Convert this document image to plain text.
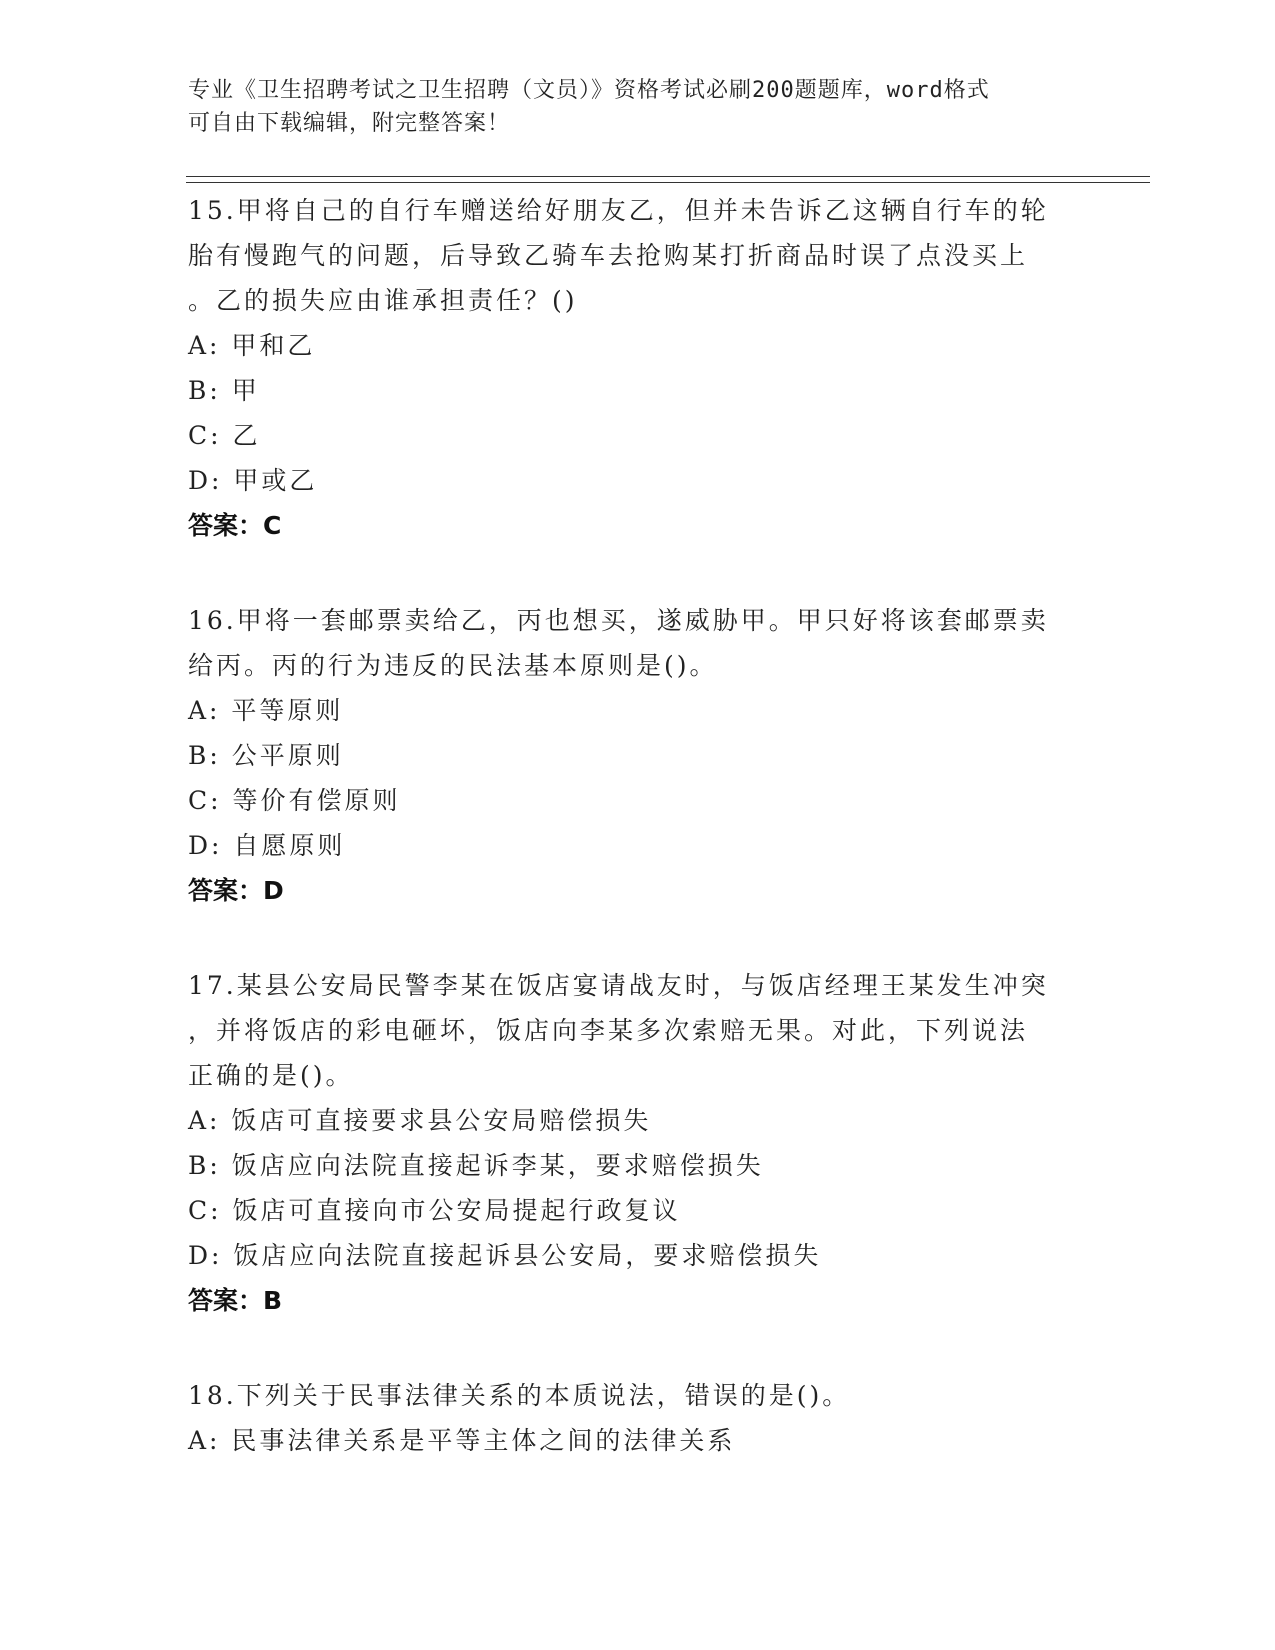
专业《卫生招聘考试之卫生招聘（文员）》资格考试必刷200题题库，word格式
可自由下载编辑，附完整答案！

15.甲将自己的自行车赠送给好朋友乙，但并未告诉乙这辆自行车的轮

胎有慢跑气的问题，后导致乙骑车去抢购某打折商品时误了点没买上

。乙的损失应由谁承担责任？()

A: 甲和乙

B: 甲

C: 乙

D: 甲或乙

答案：C

16.甲将一套邮票卖给乙，丙也想买，遂威胁甲。甲只好将该套邮票卖

给丙。丙的行为违反的民法基本原则是()。

A: 平等原则

B: 公平原则

C: 等价有偿原则

D: 自愿原则

答案：D

17.某县公安局民警李某在饭店宴请战友时，与饭店经理王某发生冲突

，并将饭店的彩电砸坏，饭店向李某多次索赔无果。对此，下列说法

正确的是()。

A: 饭店可直接要求县公安局赔偿损失

B: 饭店应向法院直接起诉李某，要求赔偿损失

C: 饭店可直接向市公安局提起行政复议

D: 饭店应向法院直接起诉县公安局，要求赔偿损失

答案：B

18.下列关于民事法律关系的本质说法，错误的是()。

A: 民事法律关系是平等主体之间的法律关系
